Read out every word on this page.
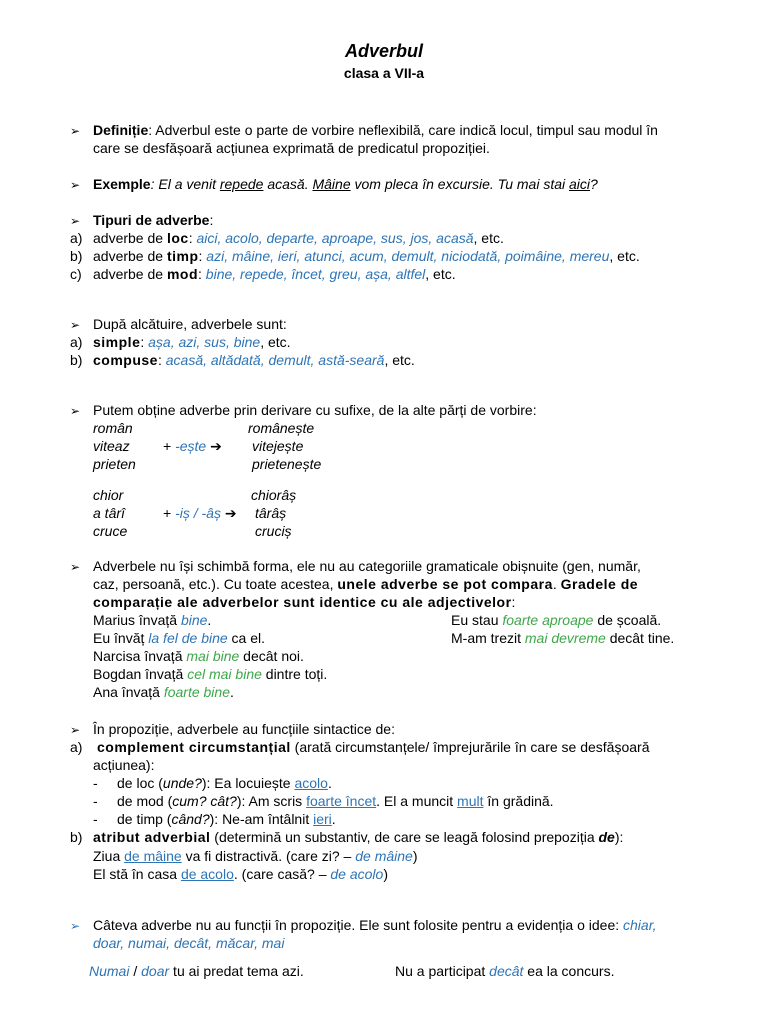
Adverbul
clasa a VII-a
➢ Definiție: Adverbul este o parte de vorbire neflexibilă, care indică locul, timpul sau modul în
care se desfășoară acțiunea exprimată de predicatul propoziției.
➢ Exemple: El a venit repede acasă. Mâine vom pleca în excursie. Tu mai stai aici?
➢ Tipuri de adverbe:
a) adverbe de loc: aici, acolo, departe, aproape, sus, jos, acasă, etc.
b) adverbe de timp: azi, mâine, ieri, atunci, acum, demult, niciodată, poimâine, mereu, etc.
c) adverbe de mod: bine, repede, încet, greu, așa, altfel, etc.
➢ După alcătuire, adverbele sunt:
a) simple: așa, azi, sus, bine, etc.
b) compuse: acasă, altădată, demult, astă-seară, etc.
➢ Putem obține adverbe prin derivare cu sufixe, de la alte părți de vorbire:
român
viteaz
prieten
+ -ește ➔
românește
vitejește
prietenește
chior
a târî
cruce
+ -iș / -âș ➔
chiorâș
târâș
cruciș
➢ Adverbele nu își schimbă forma, ele nu au categoriile gramaticale obișnuite (gen, număr,
caz, persoană, etc.). Cu toate acestea, unele adverbe se pot compara. Gradele de
comparație ale adverbelor sunt identice cu ale adjectivelor:
Marius învață bine.
Eu învăț la fel de bine ca el.
Narcisa învață mai bine decât noi.
Bogdan învață cel mai bine dintre toți.
Ana învață foarte bine.
Eu stau foarte aproape de școală.
M-am trezit mai devreme decât tine.
➢ În propoziție, adverbele au funcțiile sintactice de:
a) complement circumstanțial (arată circumstanțele/ împrejurările în care se desfășoară
acțiunea):
- de loc (unde?): Ea locuiește acolo.
- de mod (cum? cât?): Am scris foarte încet. El a muncit mult în grădină.
- de timp (când?): Ne-am întâlnit ieri.
b) atribut adverbial (determină un substantiv, de care se leagă folosind prepoziția de):
Ziua de mâine va fi distractivă. (care zi? – de mâine)
El stă în casa de acolo. (care casă? – de acolo)
➢ Câteva adverbe nu au funcții în propoziție. Ele sunt folosite pentru a evidenția o idee: chiar,
doar, numai, decât, măcar, mai
Numai / doar tu ai predat tema azi.	Nu a participat decât ea la concurs.
